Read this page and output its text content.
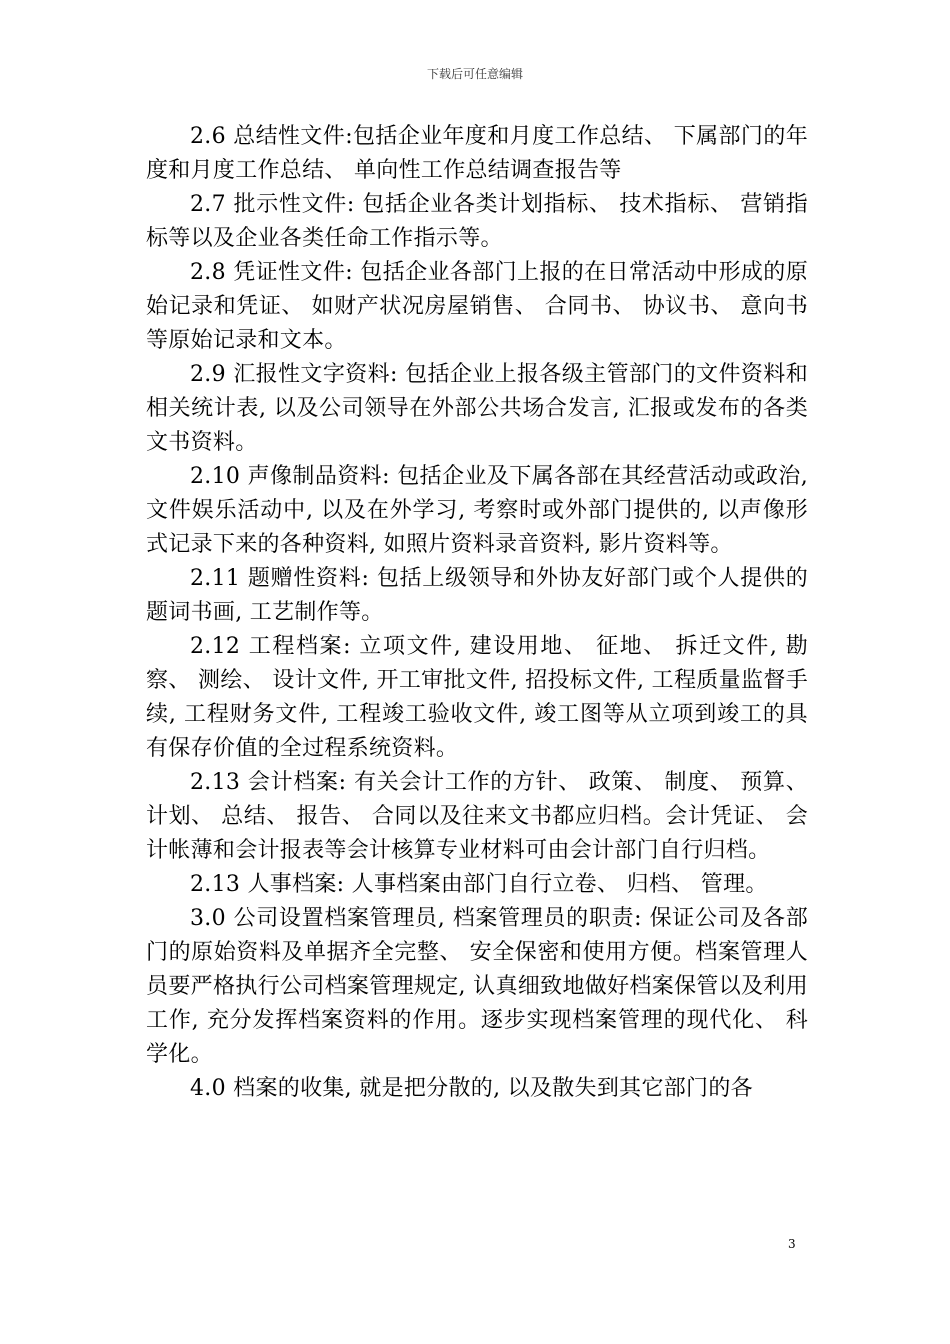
下载后可任意编辑

2.6 总结性文件:包括企业年度和月度工作总结、 下属部门的年度和月度工作总结、 单向性工作总结调查报告等

2.7 批示性文件: 包括企业各类计划指标、 技术指标、 营销指标等以及企业各类任命工作指示等。

2.8 凭证性文件: 包括企业各部门上报的在日常活动中形成的原始记录和凭证、 如财产状况房屋销售、 合同书、 协议书、 意向书等原始记录和文本。

2.9 汇报性文字资料: 包括企业上报各级主管部门的文件资料和相关统计表, 以及公司领导在外部公共场合发言, 汇报或发布的各类文书资料。

2.10 声像制品资料: 包括企业及下属各部在其经营活动或政治, 文件娱乐活动中, 以及在外学习, 考察时或外部门提供的, 以声像形式记录下来的各种资料, 如照片资料录音资料, 影片资料等。

2.11 题赠性资料: 包括上级领导和外协友好部门或个人提供的题词书画, 工艺制作等。

2.12 工程档案: 立项文件, 建设用地、 征地、 拆迁文件, 勘察、 测绘、 设计文件, 开工审批文件, 招投标文件, 工程质量监督手续, 工程财务文件, 工程竣工验收文件, 竣工图等从立项到竣工的具有保存价值的全过程系统资料。

2.13 会计档案: 有关会计工作的方针、 政策、 制度、 预算、 计划、 总结、 报告、 合同以及往来文书都应归档。会计凭证、 会计帐薄和会计报表等会计核算专业材料可由会计部门自行归档。

2.13 人事档案: 人事档案由部门自行立卷、 归档、 管理。

3.0 公司设置档案管理员, 档案管理员的职责: 保证公司及各部门的原始资料及单据齐全完整、 安全保密和使用方便。档案管理人员要严格执行公司档案管理规定, 认真细致地做好档案保管以及利用工作, 充分发挥档案资料的作用。逐步实现档案管理的现代化、 科学化。

4.0 档案的收集, 就是把分散的, 以及散失到其它部门的各

3
